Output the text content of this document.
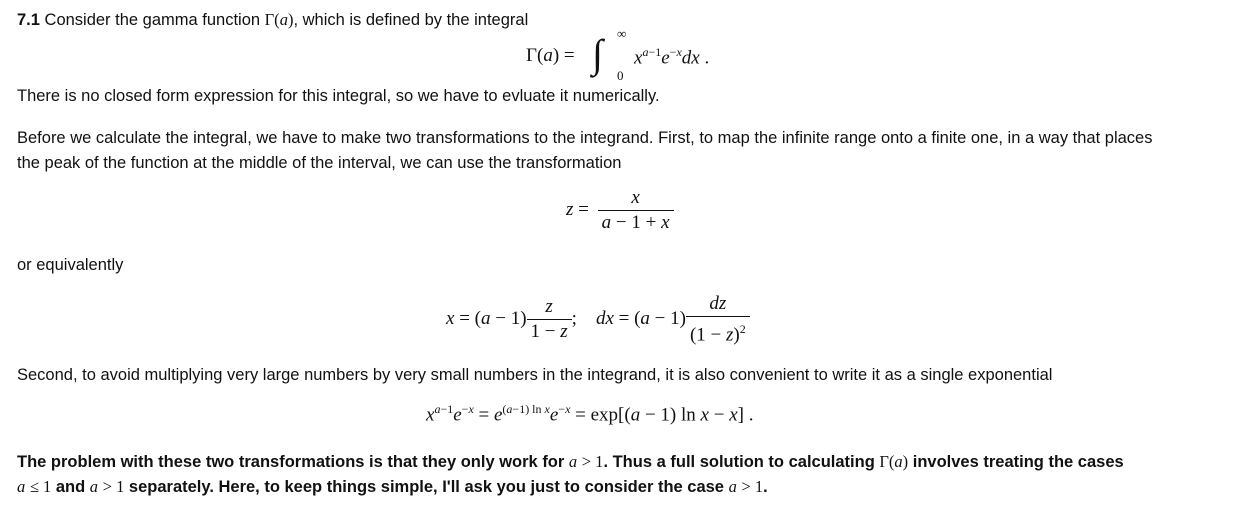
7.1 Consider the gamma function Γ(a), which is defined by the integral

Γ(a) = ∫ ∞
0
$x^{a-1}e^{-x}dx$ .

There is no closed form expression for this integral, so we have to evluate it numerically.

Before we calculate the integral, we have to make two transformations to the integrand. First, to map the infinite range onto a finite one, in a way that places

the peak of the function at the middle of the interval, we can use the transformation

$z = \frac{x}{a - 1 + x}$

or equivalently

$x = (a - 1) \frac{z}{1 - z}$ ;    dx = $(a - 1) \frac{dz}{(1 - z)^2}$

Second, to avoid multiplying very large numbers by very small numbers in the integrand, it is also convenient to write it as a single exponential

$x^{a-1}e^{-x} = e^{(a-1) ln x}e^{-x} = \exp[(a - 1)$ ln x − x] .

The problem with these two transformations is that they only work for a > 1. Thus a full solution to calculating Γ(a) involves treating the cases

a ≤ 1 and a > 1 separately. Here, to keep things simple, I'll ask you just to consider the case a > 1.
